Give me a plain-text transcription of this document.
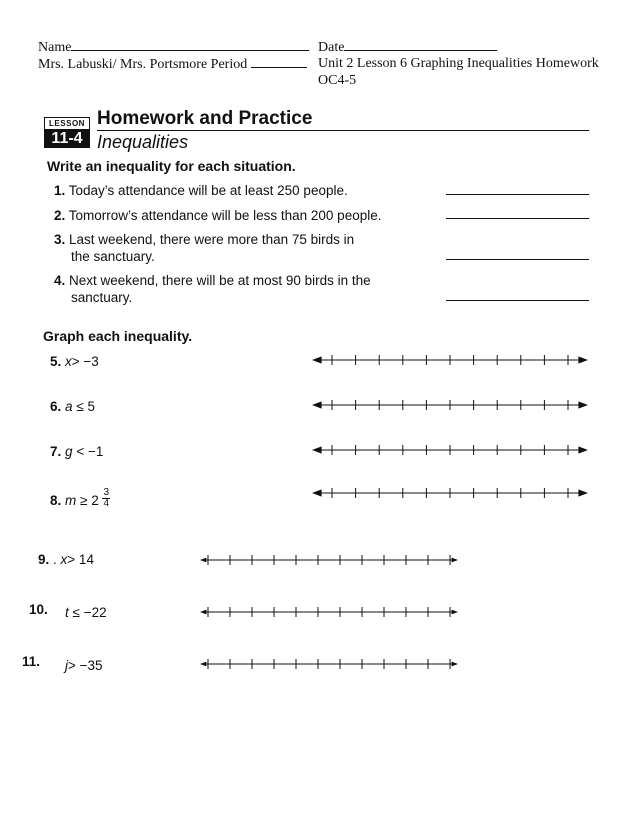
Name	Date
Mrs. Labuski/ Mrs. Portsmore Period	Unit 2 Lesson 6 Graphing Inequalities Homework
OC4-5
LESSON
11-4
Homework and Practice
Inequalities
Write an inequality for each situation.
1. Today’s attendance will be at least 250 people.
2. Tomorrow’s attendance will be less than 200 people.
3. Last weekend, there were more than 75 birds in
the sanctuary.
4. Next weekend, there will be at most 90 birds in the
sanctuary.
Graph each inequality.
5. x> −3
6. a ≤ 5
7. g < −1
8. $m \ge 2 \frac{3}{4}$
9. . x> 14
10. t ≤ −22
11. j> −35
